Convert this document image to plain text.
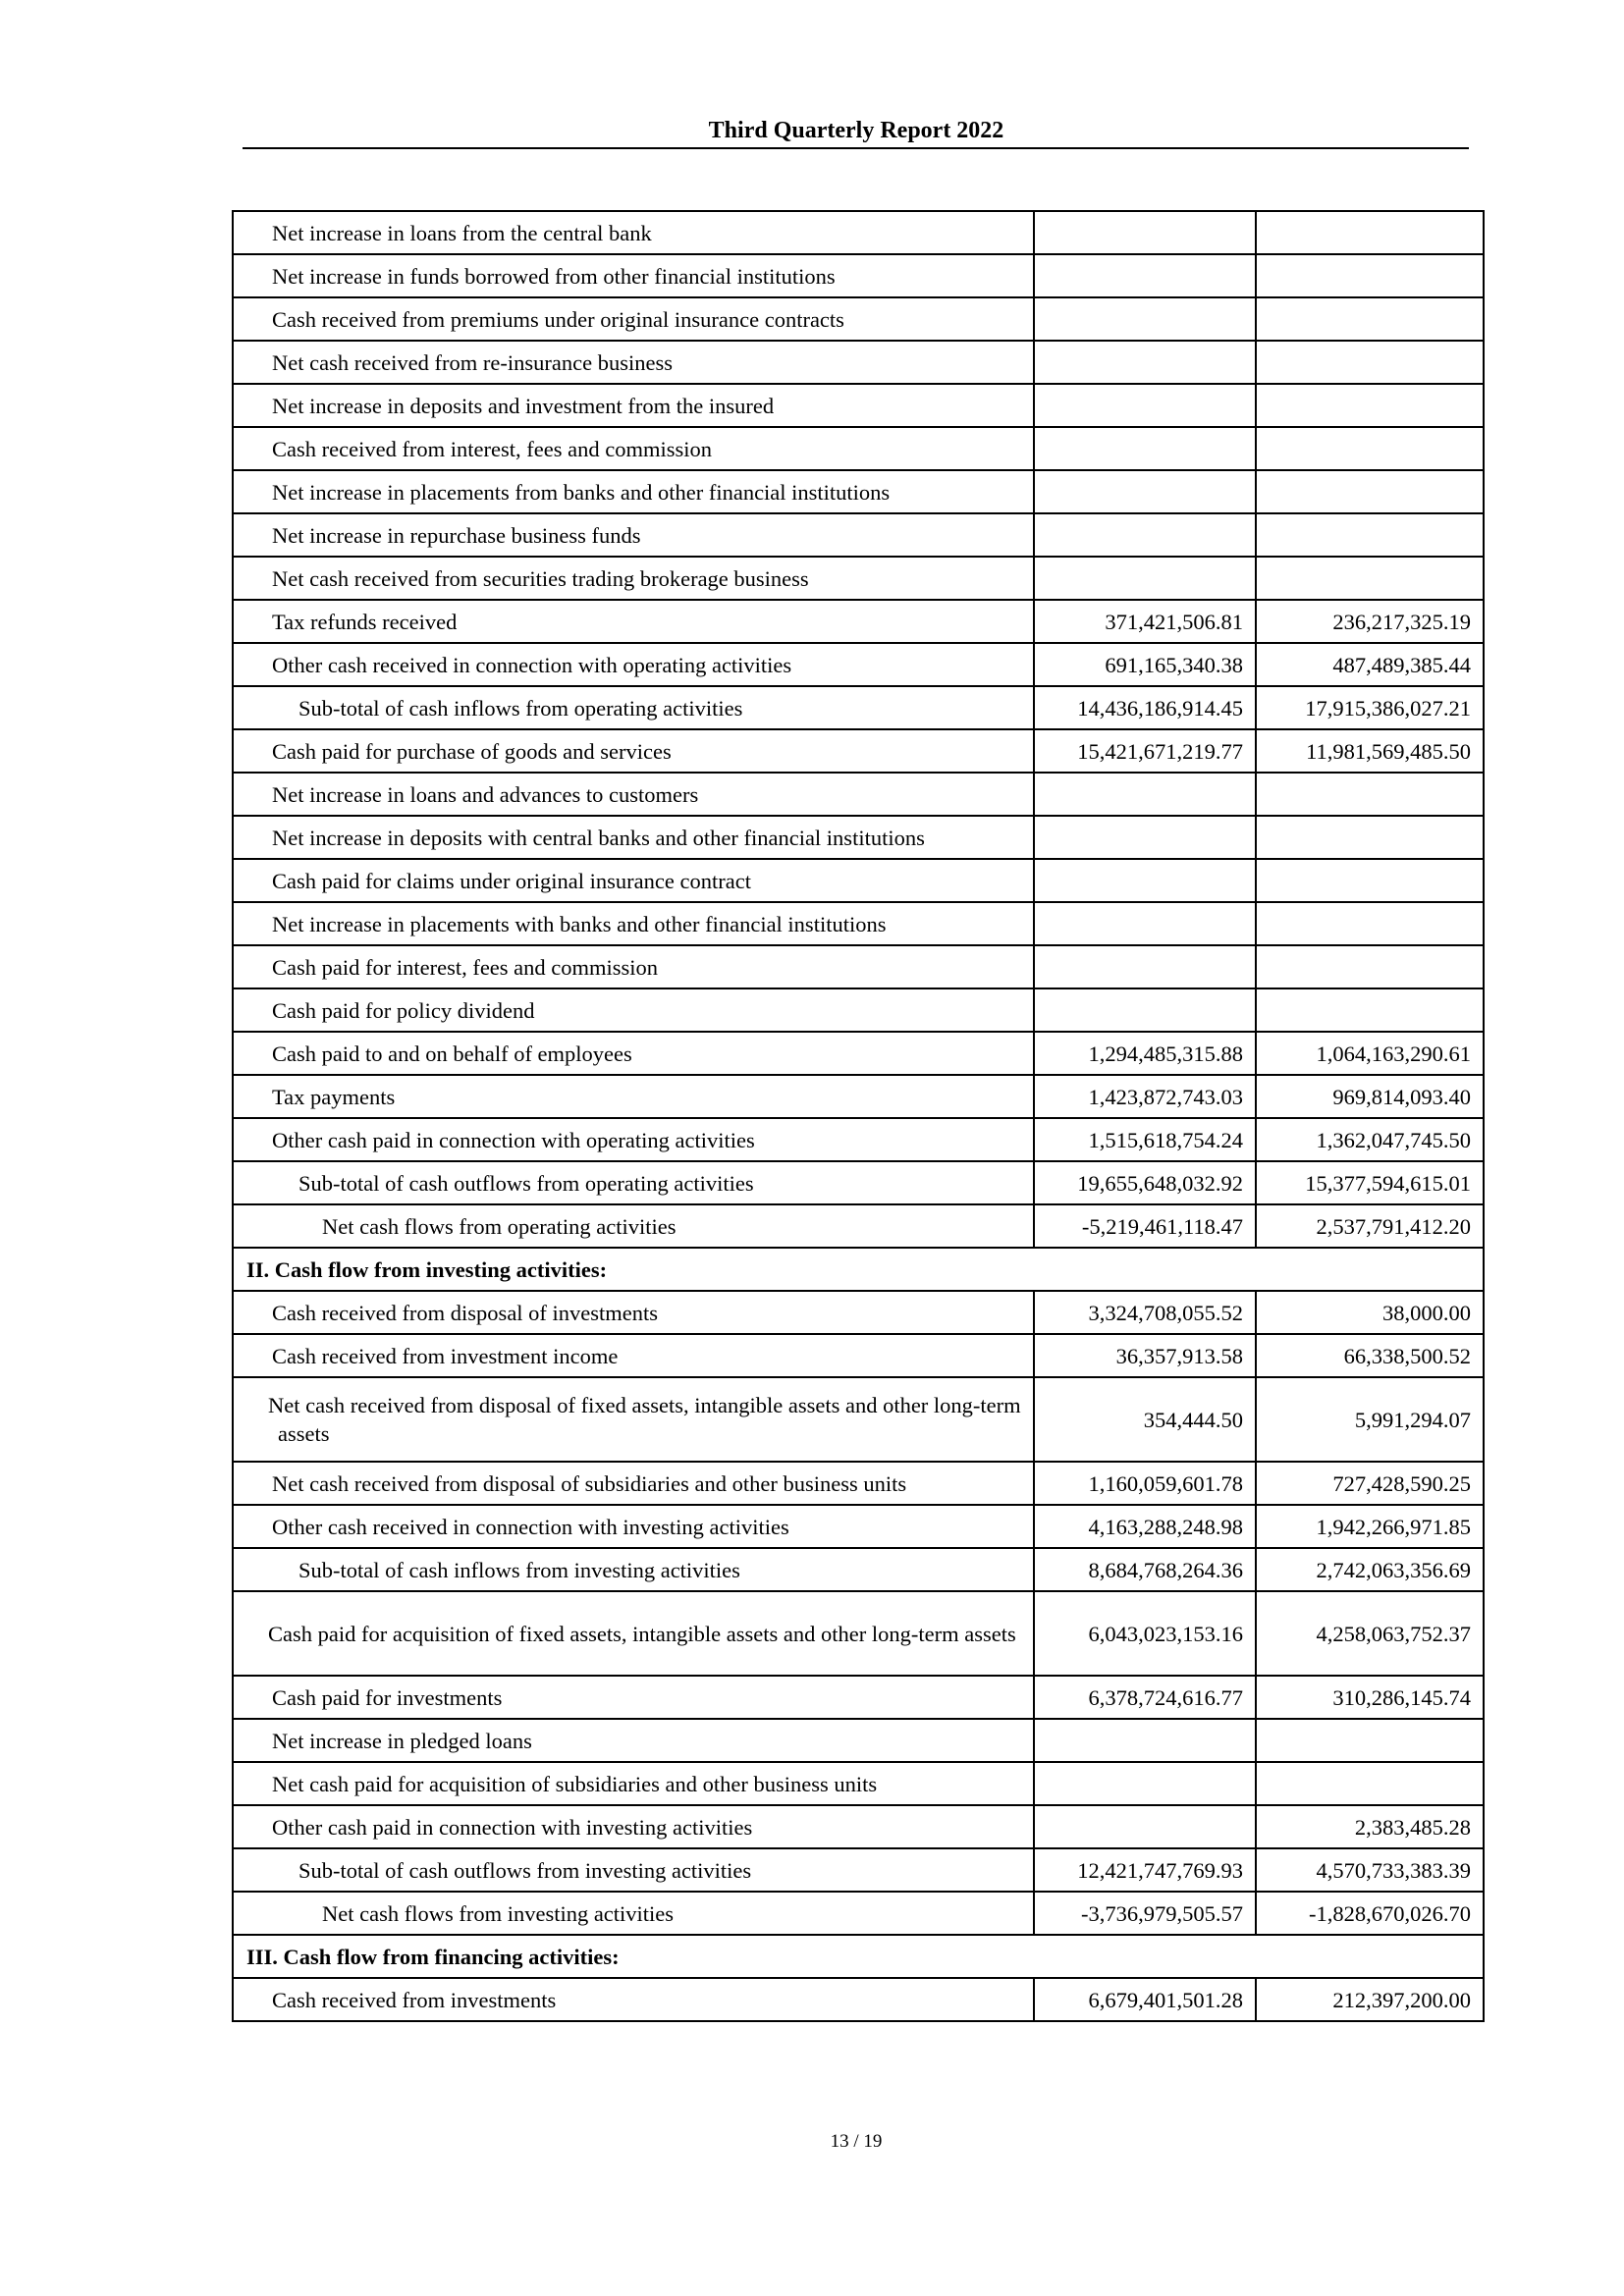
Third Quarterly Report 2022
Net increase in loans from the central bank		
Net increase in funds borrowed from other financial institutions		
Cash received from premiums under original insurance contracts		
Net cash received from re-insurance business		
Net increase in deposits and investment from the insured		
Cash received from interest, fees and commission		
Net increase in placements from banks and other financial institutions		
Net increase in repurchase business funds		
Net cash received from securities trading brokerage business		
Tax refunds received	371,421,506.81	236,217,325.19
Other cash received in connection with operating activities	691,165,340.38	487,489,385.44
Sub-total of cash inflows from operating activities	14,436,186,914.45	17,915,386,027.21
Cash paid for purchase of goods and services	15,421,671,219.77	11,981,569,485.50
Net increase in loans and advances to customers		
Net increase in deposits with central banks and other financial institutions		
Cash paid for claims under original insurance contract		
Net increase in placements with banks and other financial institutions		
Cash paid for interest, fees and commission		
Cash paid for policy dividend		
Cash paid to and on behalf of employees	1,294,485,315.88	1,064,163,290.61
Tax payments	1,423,872,743.03	969,814,093.40
Other cash paid in connection with operating activities	1,515,618,754.24	1,362,047,745.50
Sub-total of cash outflows from operating activities	19,655,648,032.92	15,377,594,615.01
Net cash flows from operating activities	-5,219,461,118.47	2,537,791,412.20
II. Cash flow from investing activities:		
Cash received from disposal of investments	3,324,708,055.52	38,000.00
Cash received from investment income	36,357,913.58	66,338,500.52
Net cash received from disposal of fixed assets, intangible assets and other long-term assets	354,444.50	5,991,294.07
Net cash received from disposal of subsidiaries and other business units	1,160,059,601.78	727,428,590.25
Other cash received in connection with investing activities	4,163,288,248.98	1,942,266,971.85
Sub-total of cash inflows from investing activities	8,684,768,264.36	2,742,063,356.69
Cash paid for acquisition of fixed assets, intangible assets and other long-term assets	6,043,023,153.16	4,258,063,752.37
Cash paid for investments	6,378,724,616.77	310,286,145.74
Net increase in pledged loans		
Net cash paid for acquisition of subsidiaries and other business units		
Other cash paid in connection with investing activities		2,383,485.28
Sub-total of cash outflows from investing activities	12,421,747,769.93	4,570,733,383.39
Net cash flows from investing activities	-3,736,979,505.57	-1,828,670,026.70
III. Cash flow from financing activities:		
Cash received from investments	6,679,401,501.28	212,397,200.00
13 / 19
